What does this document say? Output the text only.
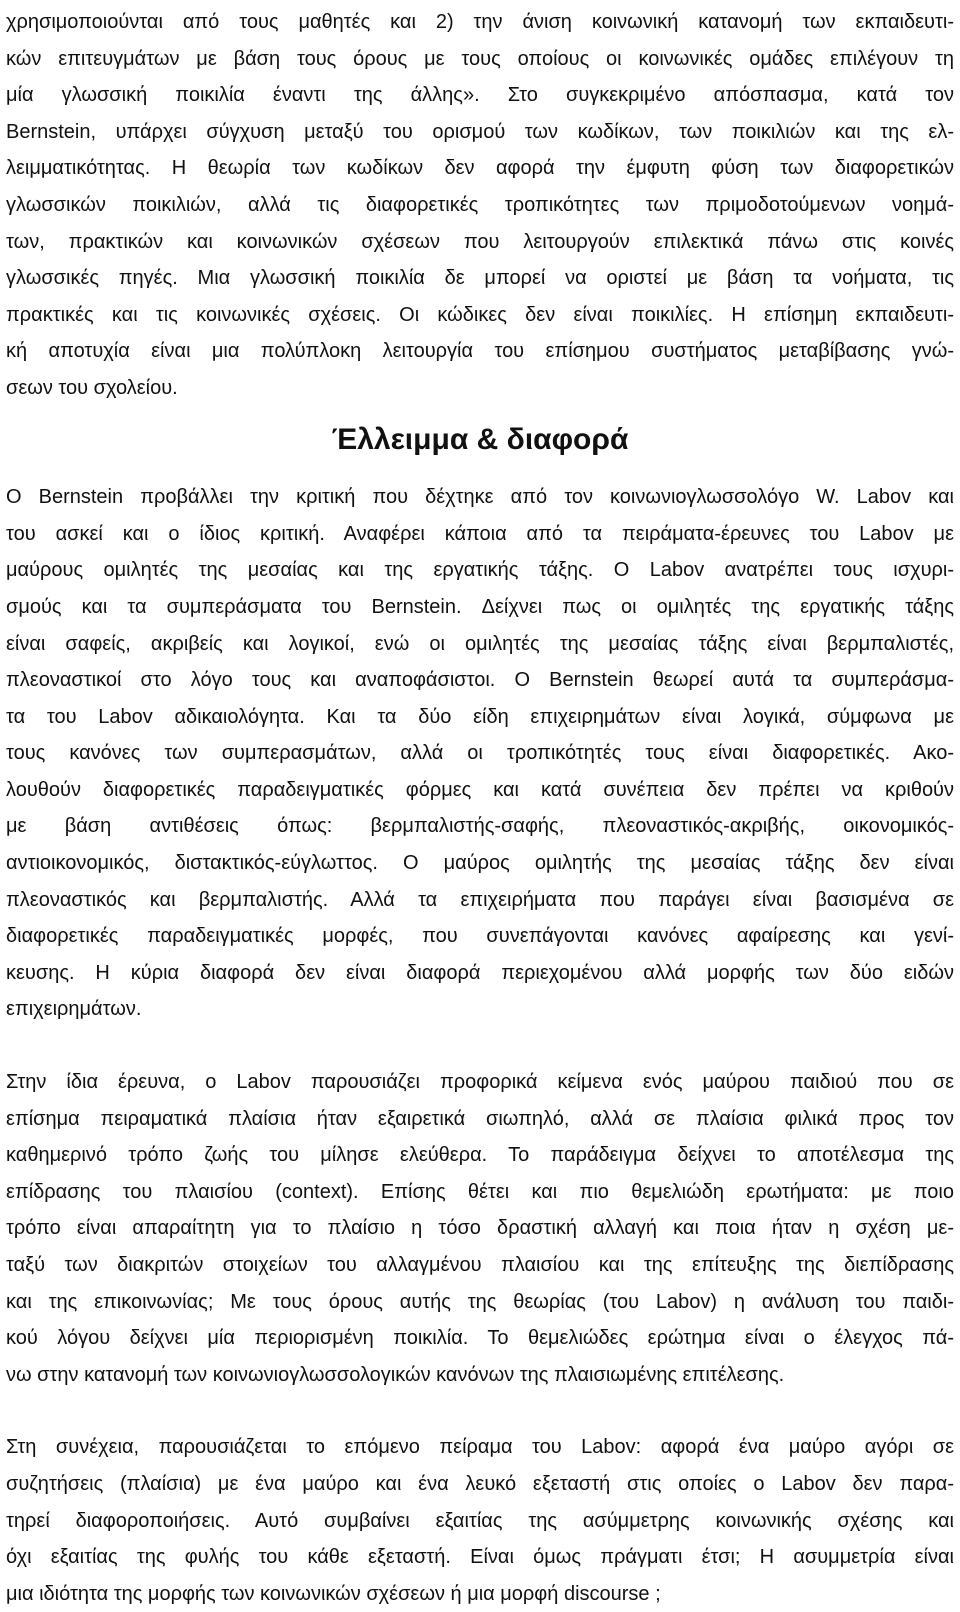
χρησιμοποιούνται από τους μαθητές και 2) την άνιση κοινωνική κατανομή των εκπαιδευτι-
κών επιτευγμάτων με βάση τους όρους με τους οποίους οι κοινωνικές ομάδες επιλέγουν τη
μία γλωσσική ποικιλία έναντι της άλλης». Στο συγκεκριμένο απόσπασμα, κατά τον
Bernstein, υπάρχει σύγχυση μεταξύ του ορισμού των κωδίκων, των ποικιλιών και της ελ-
λειμματικότητας. Η θεωρία των κωδίκων δεν αφορά την έμφυτη φύση των διαφορετικών
γλωσσικών ποικιλιών, αλλά τις διαφορετικές τροπικότητες των πριμοδοτούμενων νοημά-
των, πρακτικών και κοινωνικών σχέσεων που λειτουργούν επιλεκτικά πάνω στις κοινές
γλωσσικές πηγές. Μια γλωσσική ποικιλία δε μπορεί να οριστεί με βάση τα νοήματα, τις
πρακτικές και τις κοινωνικές σχέσεις. Οι κώδικες δεν είναι ποικιλίες. Η επίσημη εκπαιδευτι-
κή αποτυχία είναι μια πολύπλοκη λειτουργία του επίσημου συστήματος μεταβίβασης γνώ-
σεων του σχολείου.
Έλλειμμα & διαφορά
Ο Bernstein προβάλλει την κριτική που δέχτηκε από τον κοινωνιογλωσσολόγο W. Labov και
του ασκεί και ο ίδιος κριτική. Αναφέρει κάποια από τα πειράματα-έρευνες του Labov με
μαύρους ομιλητές της μεσαίας και της εργατικής τάξης. Ο Labov ανατρέπει τους ισχυρι-
σμούς και τα συμπεράσματα του Bernstein. Δείχνει πως οι ομιλητές της εργατικής τάξης
είναι σαφείς, ακριβείς και λογικοί, ενώ οι ομιλητές της μεσαίας τάξης είναι βερμπαλιστές,
πλεοναστικοί στο λόγο τους και αναποφάσιστοι. Ο Bernstein θεωρεί αυτά τα συμπεράσμα-
τα του Labov αδικαιολόγητα. Και τα δύο είδη επιχειρημάτων είναι λογικά, σύμφωνα με
τους κανόνες των συμπερασμάτων, αλλά οι τροπικότητές τους είναι διαφορετικές. Ακο-
λουθούν διαφορετικές παραδειγματικές φόρμες και κατά συνέπεια δεν πρέπει να κριθούν
με βάση αντιθέσεις όπως: βερμπαλιστής-σαφής, πλεοναστικός-ακριβής, οικονομικός-
αντιοικονομικός, διστακτικός-εύγλωττος. Ο μαύρος ομιλητής της μεσαίας τάξης δεν είναι
πλεοναστικός και βερμπαλιστής. Αλλά τα επιχειρήματα που παράγει είναι βασισμένα σε
διαφορετικές παραδειγματικές μορφές, που συνεπάγονται κανόνες αφαίρεσης και γενί-
κευσης. Η κύρια διαφορά δεν είναι διαφορά περιεχομένου αλλά μορφής των δύο ειδών
επιχειρημάτων.
Στην ίδια έρευνα, ο Labov παρουσιάζει προφορικά κείμενα ενός μαύρου παιδιού που σε
επίσημα πειραματικά πλαίσια ήταν εξαιρετικά σιωπηλό, αλλά σε πλαίσια φιλικά προς τον
καθημερινό τρόπο ζωής του μίλησε ελεύθερα. Το παράδειγμα δείχνει το αποτέλεσμα της
επίδρασης του πλαισίου (context). Επίσης θέτει και πιο θεμελιώδη ερωτήματα: με ποιο
τρόπο είναι απαραίτητη για το πλαίσιο η τόσο δραστική αλλαγή και ποια ήταν η σχέση με-
ταξύ των διακριτών στοιχείων του αλλαγμένου πλαισίου και της επίτευξης της διεπίδρασης
και της επικοινωνίας; Με τους όρους αυτής της θεωρίας (του Labov) η ανάλυση του παιδι-
κού λόγου δείχνει μία περιορισμένη ποικιλία. Το θεμελιώδες ερώτημα είναι ο έλεγχος πά-
νω στην κατανομή των κοινωνιογλωσσολογικών κανόνων της πλαισιωμένης επιτέλεσης.
Στη συνέχεια, παρουσιάζεται το επόμενο πείραμα του Labov: αφορά ένα μαύρο αγόρι σε
συζητήσεις (πλαίσια) με ένα μαύρο και ένα λευκό εξεταστή στις οποίες ο Labov δεν παρα-
τηρεί διαφοροποιήσεις. Αυτό συμβαίνει εξαιτίας της ασύμμετρης κοινωνικής σχέσης και
όχι εξαιτίας της φυλής του κάθε εξεταστή. Είναι όμως πράγματι έτσι; Η ασυμμετρία είναι
μια ιδιότητα της μορφής των κοινωνικών σχέσεων ή μια μορφή discourse ;
